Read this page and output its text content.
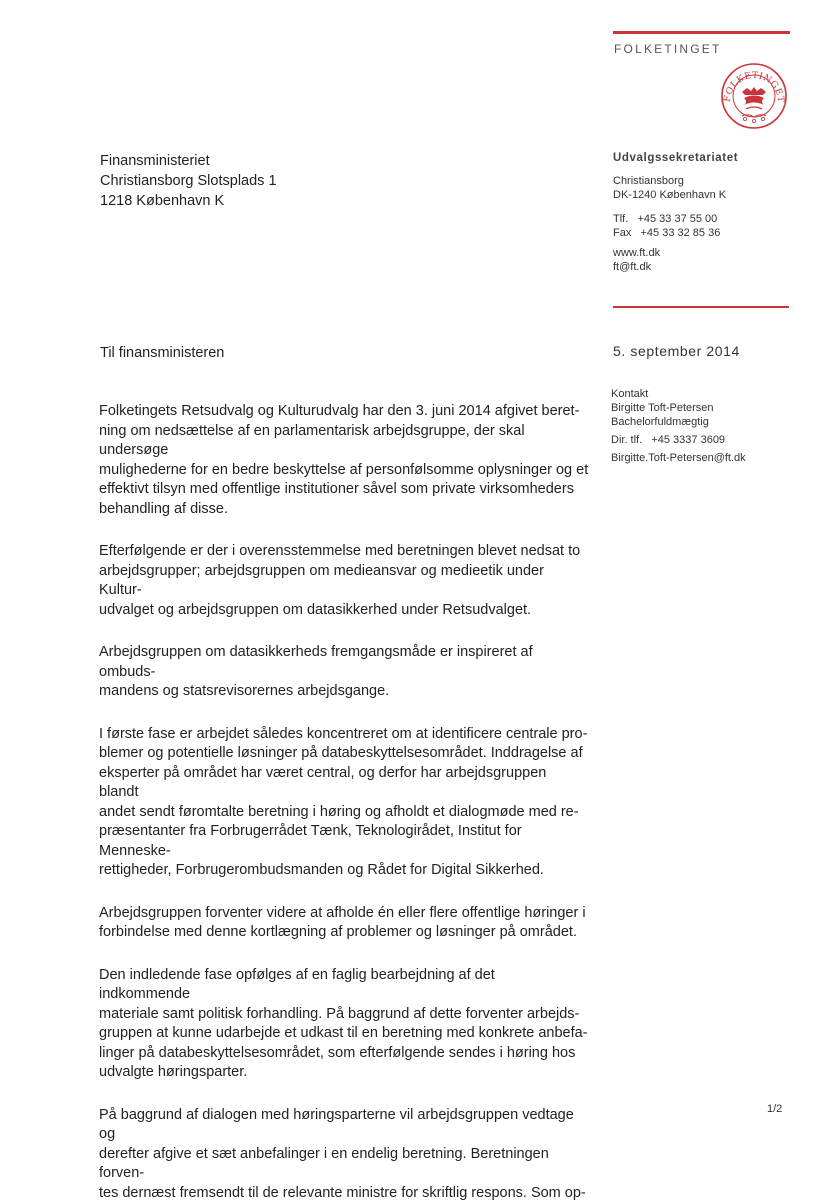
FOLKETINGET
FOLKETINGET
Finansministeriet
Christiansborg Slotsplads 1
1218 København K
Udvalgssekretariatet
Christiansborg
DK-1240 København K
Tlf.   +45 33 37 55 00
Fax   +45 33 32 85 36
www.ft.dk
ft@ft.dk
Til finansministeren	5. september 2014
Kontakt
Birgitte Toft-Petersen
Bachelorfuldmægtig
Dir. tlf.   +45 3337 3609
Birgitte.Toft-Petersen@ft.dk

Folketingets Retsudvalg og Kulturudvalg har den 3. juni 2014 afgivet beret-
ning om nedsættelse af en parlamentarisk arbejdsgruppe, der skal undersøge
mulighederne for en bedre beskyttelse af personfølsomme oplysninger og et
effektivt tilsyn med offentlige institutioner såvel som private virksomheders
behandling af disse.

Efterfølgende er der i overensstemmelse med beretningen blevet nedsat to
arbejdsgrupper; arbejdsgruppen om medieansvar og medieetik under Kultur-
udvalget og arbejdsgruppen om datasikkerhed under Retsudvalget.

Arbejdsgruppen om datasikkerheds fremgangsmåde er inspireret af ombuds-
mandens og statsrevisorernes arbejdsgange.

I første fase er arbejdet således koncentreret om at identificere centrale pro-
blemer og potentielle løsninger på databeskyttelsesområdet. Inddragelse af
eksperter på området har været central, og derfor har arbejdsgruppen blandt
andet sendt føromtalte beretning i høring og afholdt et dialogmøde med re-
præsentanter fra Forbrugerrådet Tænk, Teknologirådet, Institut for Menneske-
rettigheder, Forbrugerombudsmanden og Rådet for Digital Sikkerhed.

Arbejdsgruppen forventer videre at afholde én eller flere offentlige høringer i
forbindelse med denne kortlægning af problemer og løsninger på området.

Den indledende fase opfølges af en faglig bearbejdning af det indkommende
materiale samt politisk forhandling. På baggrund af dette forventer arbejds-
gruppen at kunne udarbejde et udkast til en beretning med konkrete anbefa-
linger på databeskyttelsesområdet, som efterfølgende sendes i høring hos
udvalgte høringsparter.

På baggrund af dialogen med høringsparterne vil arbejdsgruppen vedtage og
derefter afgive et sæt anbefalinger i en endelig beretning. Beretningen forven-
tes dernæst fremsendt til de relevante ministre for skriftlig respons. Som op-

1/2
